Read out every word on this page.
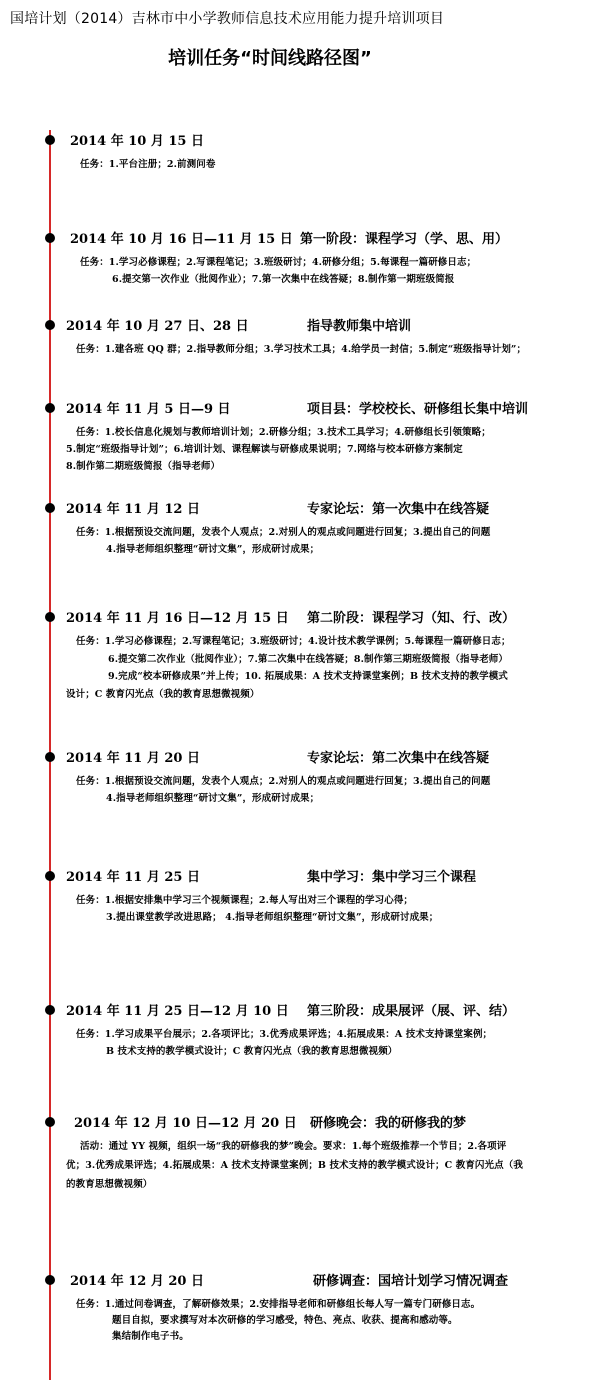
国培计划（2014）吉林市中小学教师信息技术应用能力提升培训项目
培训任务“时间线路径图”
2014 年 10 月 15 日
任务：1.平台注册；2.前测问卷
2014 年 10 月 16 日—11 月 15 日 第一阶段：课程学习（学、思、用）
任务：1.学习必修课程；2.写课程笔记；3.班级研讨；4.研修分组；5.每课程一篇研修日志；
6.提交第一次作业（批阅作业）；7.第一次集中在线答疑；8.制作第一期班级简报
2014 年 10 月 27 日、28 日	指导教师集中培训
任务：1.建各班 QQ 群；2.指导教师分组；3.学习技术工具；4.给学员一封信；5.制定“班级指导计划”；
2014 年 11 月 5 日—9 日	项目县：学校校长、研修组长集中培训
任务：1.校长信息化规划与教师培训计划；2.研修分组；3.技术工具学习；4.研修组长引领策略；
5.制定“班级指导计划”；6.培训计划、课程解读与研修成果说明；7.网络与校本研修方案制定
8.制作第二期班级简报（指导老师）
2014 年 11 月 12 日	专家论坛：第一次集中在线答疑
任务：1.根据预设交流问题，发表个人观点；2.对别人的观点或问题进行回复；3.提出自己的问题
4.指导老师组织整理“研讨文集”，形成研讨成果；
2014 年 11 月 16 日—12 月 15 日 第二阶段：课程学习（知、行、改）
任务：1.学习必修课程；2.写课程笔记；3.班级研讨；4.设计技术教学课例；5.每课程一篇研修日志；
6.提交第二次作业（批阅作业）；7.第二次集中在线答疑；8.制作第三期班级简报（指导老师）
9.完成“校本研修成果”并上传；10. 拓展成果：A 技术支持课堂案例；B 技术支持的教学模式
设计；C 教育闪光点（我的教育思想微视频）
2014 年 11 月 20 日	专家论坛：第二次集中在线答疑
任务：1.根据预设交流问题，发表个人观点；2.对别人的观点或问题进行回复；3.提出自己的问题
4.指导老师组织整理“研讨文集”，形成研讨成果；
2014 年 11 月 25 日	集中学习：集中学习三个课程
任务：1.根据安排集中学习三个视频课程；2.每人写出对三个课程的学习心得；
3.提出课堂教学改进思路； 4.指导老师组织整理“研讨文集”，形成研讨成果；
2014 年 11 月 25 日—12 月 10 日 第三阶段：成果展评（展、评、结）
任务：1.学习成果平台展示；2.各项评比；3.优秀成果评选；4.拓展成果：A 技术支持课堂案例；
B 技术支持的教学模式设计；C 教育闪光点（我的教育思想微视频）
2014 年 12 月 10 日—12 月 20 日 研修晚会：我的研修我的梦
活动：通过 YY 视频，组织一场“我的研修我的梦”晚会。要求：1.每个班级推荐一个节目；2.各项评
优；3.优秀成果评选；4.拓展成果：A 技术支持课堂案例；B 技术支持的教学模式设计；C 教育闪光点（我
的教育思想微视频）
2014 年 12 月 20 日	研修调查：国培计划学习情况调查
任务：1.通过问卷调查，了解研修效果；2.安排指导老师和研修组长每人写一篇专门研修日志。
题目自拟，要求撰写对本次研修的学习感受，特色、亮点、收获、提高和感动等。
集结制作电子书。
